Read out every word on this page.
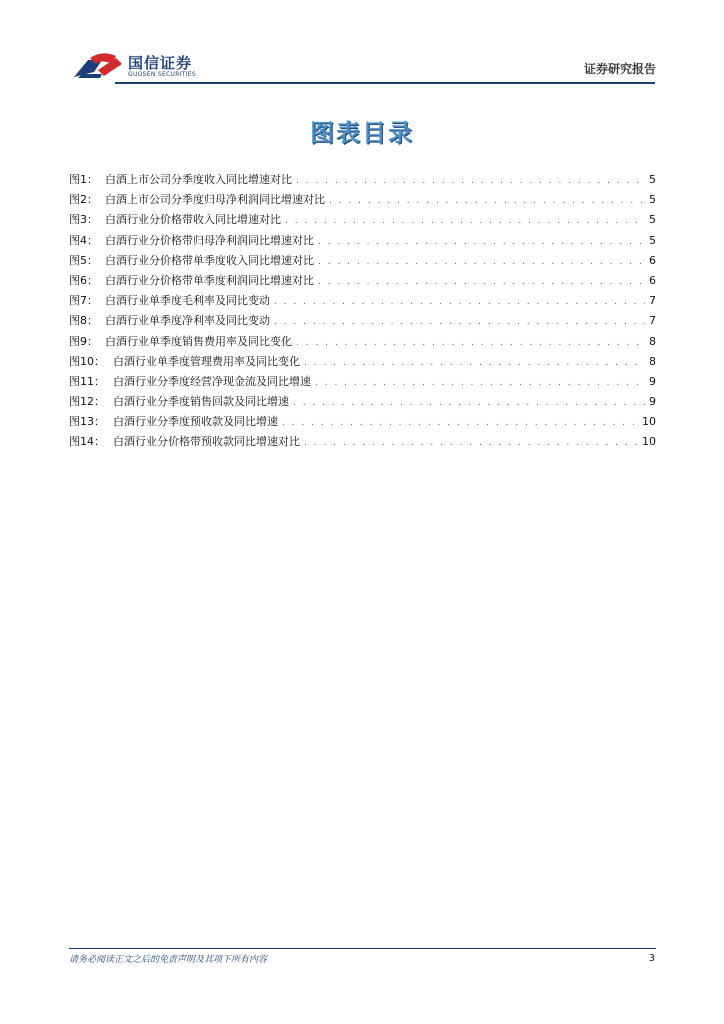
国信证券
GUOSEN SECURITIES	证券研究报告
图表目录
图1： 白酒上市公司分季度收入同比增速对比 . . .	5
图2： 白酒上市公司分季度归母净利润同比增速对比 . . .	5
图3： 白酒行业分价格带收入同比增速对比 . . .	5
图4： 白酒行业分价格带归母净利润同比增速对比 . . .	5
图5： 白酒行业分价格带单季度收入同比增速对比 . . .	6
图6： 白酒行业分价格带单季度利润同比增速对比 . . .	6
图7： 白酒行业单季度毛利率及同比变动 . . .	7
图8： 白酒行业单季度净利率及同比变动 . . .	7
图9： 白酒行业单季度销售费用率及同比变化 . . .	8
图10： 白酒行业单季度管理费用率及同比变化 . . .	8
图11： 白酒行业分季度经营净现金流及同比增速 . . .	9
图12： 白酒行业分季度销售回款及同比增速 . . .	9
图13： 白酒行业分季度预收款及同比增速 . . .	10
图14： 白酒行业分价格带预收款同比增速对比 . . .	10
请务必阅读正文之后的免责声明及其项下所有内容	3
